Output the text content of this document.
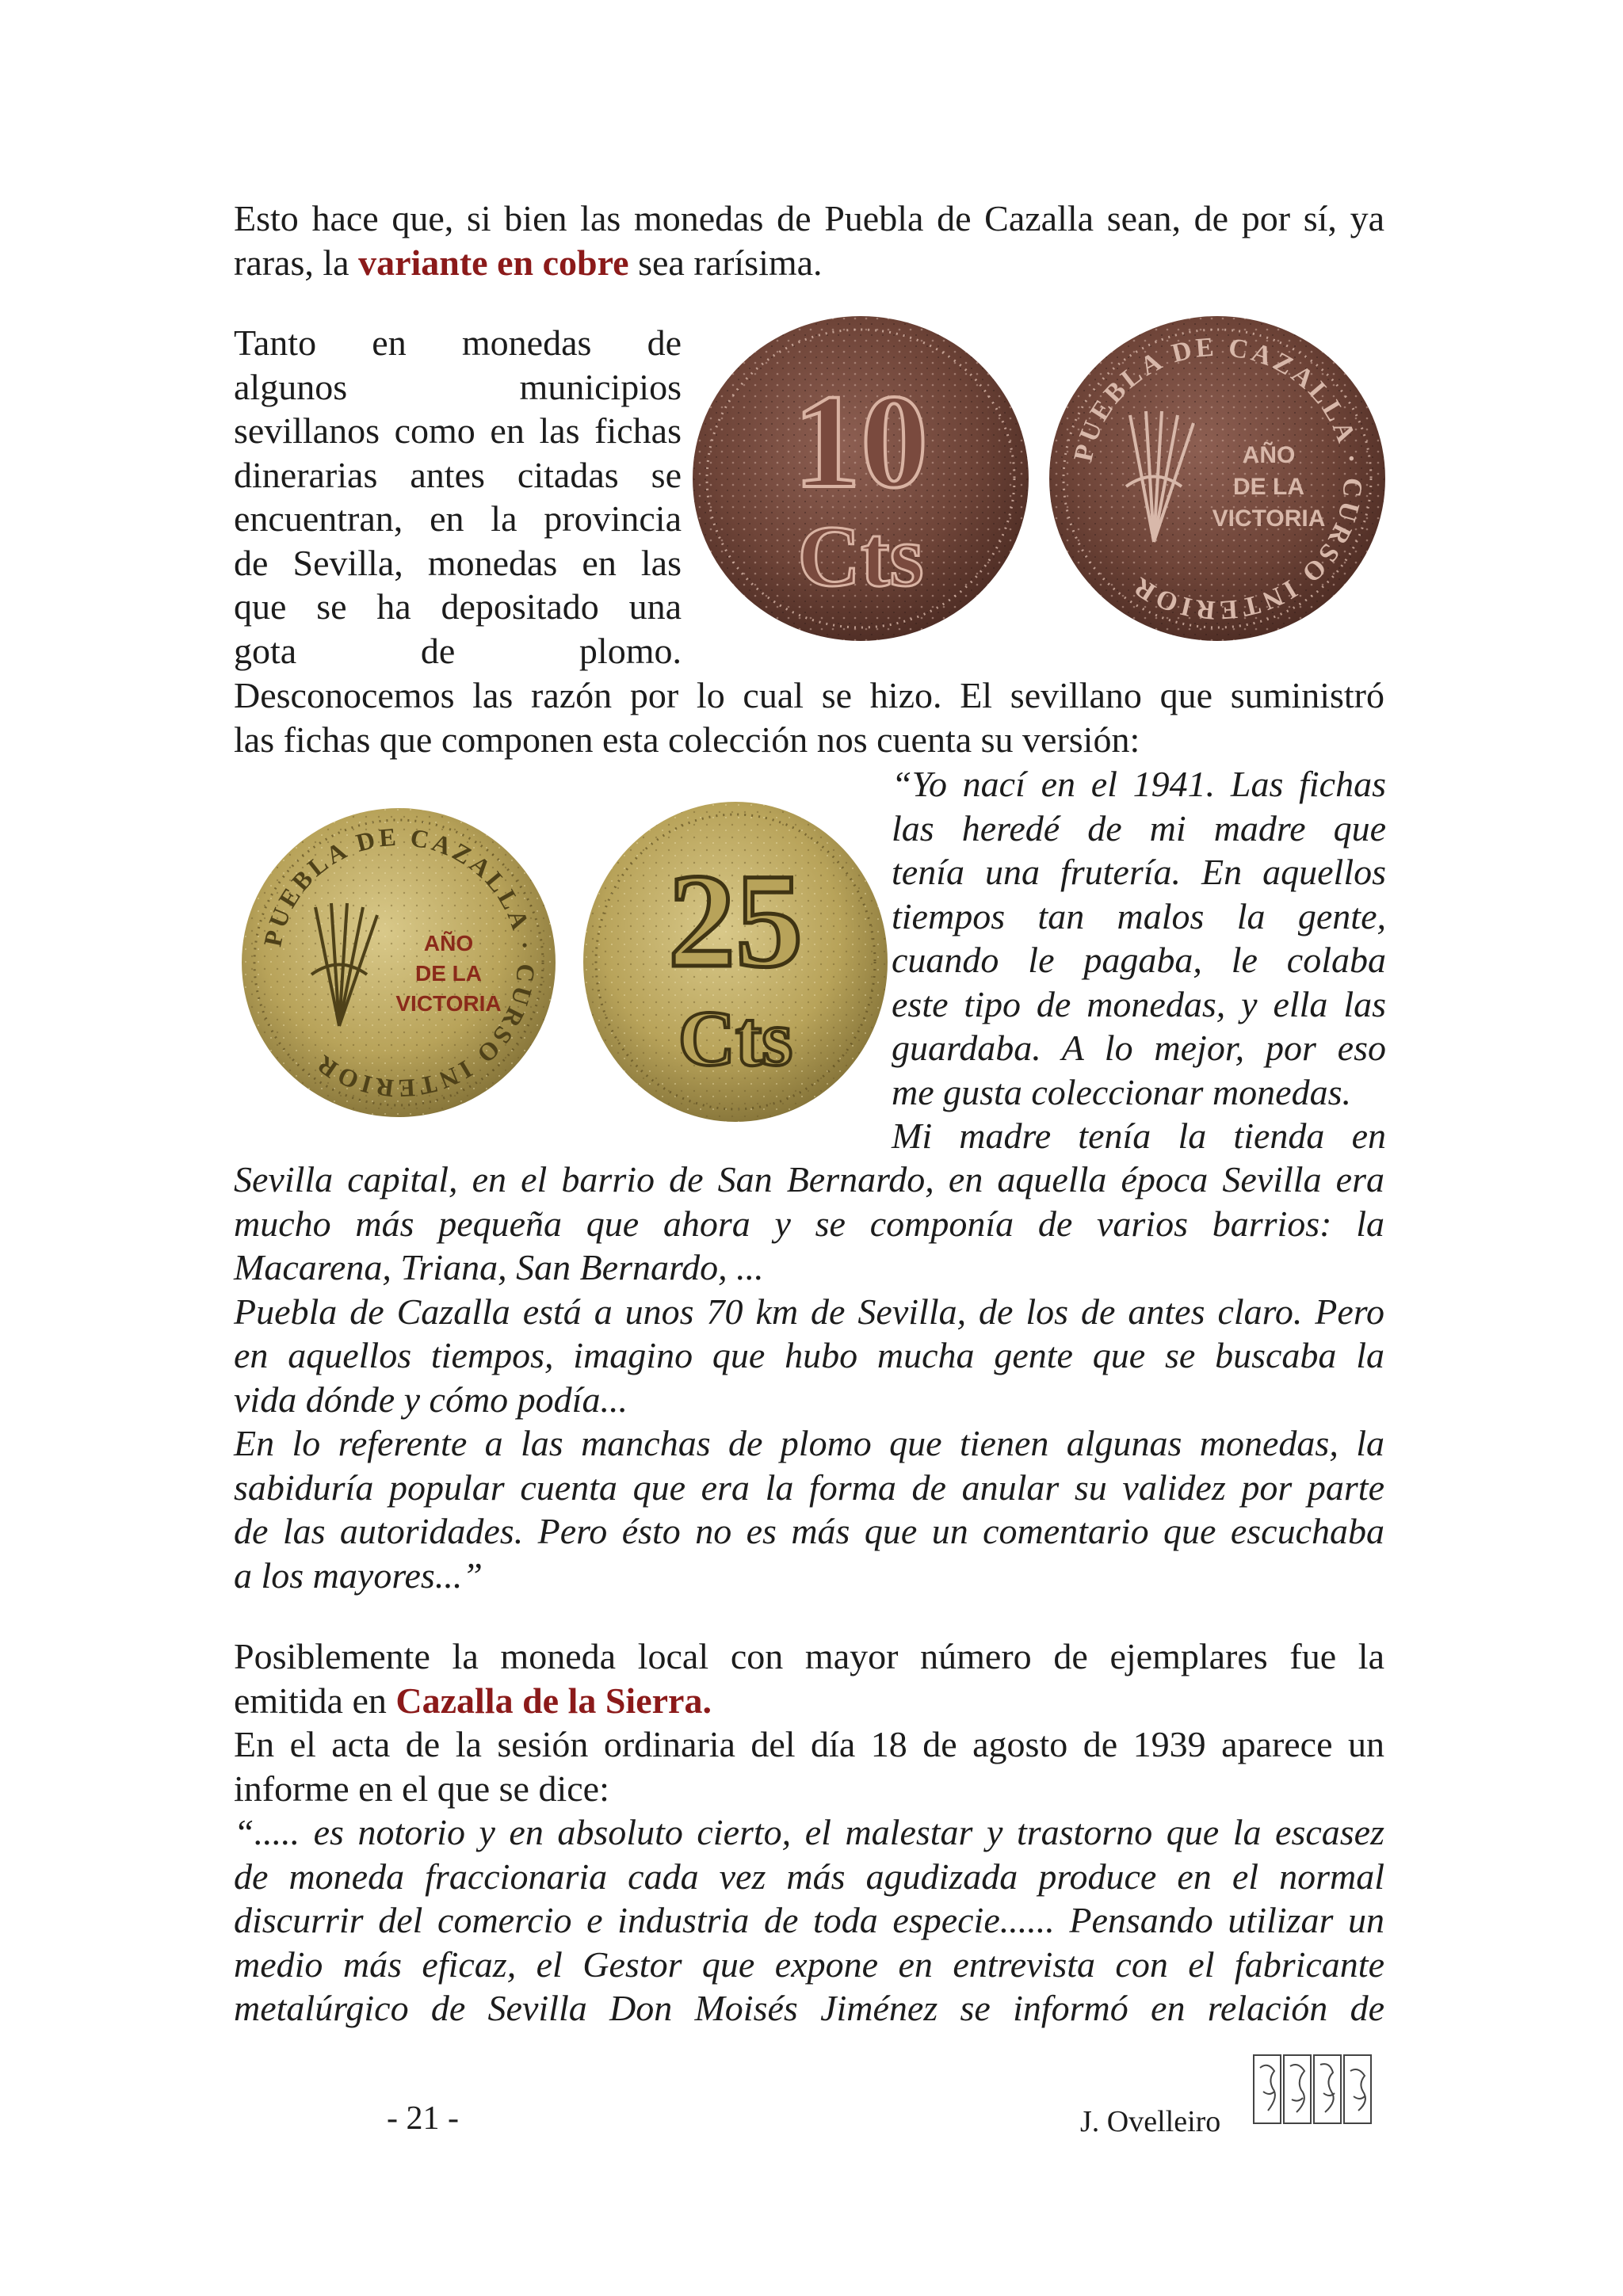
Esto hace que, si bien las monedas de Puebla de Cazalla sean, de por sí, ya
raras, la variante en cobre sea rarísima.
Tanto en monedas de
algunos municipios
sevillanos como en las fichas
dinerarias antes citadas se
encuentran, en la provincia
de Sevilla, monedas en las
que se ha depositado una
gota de plomo.
Desconocemos las razón por lo cual se hizo. El sevillano que suministró
las fichas que componen esta colección nos cuenta su versión:
10
Cts
PUEBLA DE CAZALLA · CURSO INTERIOR
AÑO
DE LA
VICTORIA
PUEBLA DE CAZALLA · CURSO INTERIOR
AÑO
DE LA
VICTORIA
25
Cts
“Yo nací en el 1941. Las fichas
las heredé de mi madre que
tenía una frutería. En aquellos
tiempos tan malos la gente,
cuando le pagaba, le colaba
este tipo de monedas, y ella las
guardaba. A lo mejor, por eso
me gusta coleccionar monedas.
Mi madre tenía la tienda en
Sevilla capital, en el barrio de San Bernardo, en aquella época Sevilla era
mucho más pequeña que ahora y se componía de varios barrios: la
Macarena, Triana, San Bernardo, ...
Puebla de Cazalla está a unos 70 km de Sevilla, de los de antes claro. Pero
en aquellos tiempos, imagino que hubo mucha gente que se buscaba la
vida dónde y cómo podía...
En lo referente a las manchas de plomo que tienen algunas monedas, la
sabiduría popular cuenta que era la forma de anular su validez por parte
de las autoridades. Pero ésto no es más que un comentario que escuchaba
a los mayores...”
Posiblemente la moneda local con mayor número de ejemplares fue la
emitida en Cazalla de la Sierra.
En el acta de la sesión ordinaria del día 18 de agosto de 1939 aparece un
informe en el que se dice:
“..... es notorio y en absoluto cierto, el malestar y trastorno que la escasez
de moneda fraccionaria cada vez más agudizada produce en el normal
discurrir del comercio e industria de toda especie...... Pensando utilizar un
medio más eficaz, el Gestor que expone en entrevista con el fabricante
metalúrgico de Sevilla Don Moisés Jiménez se informó en relación de
- 21 -	J. Ovelleiro
